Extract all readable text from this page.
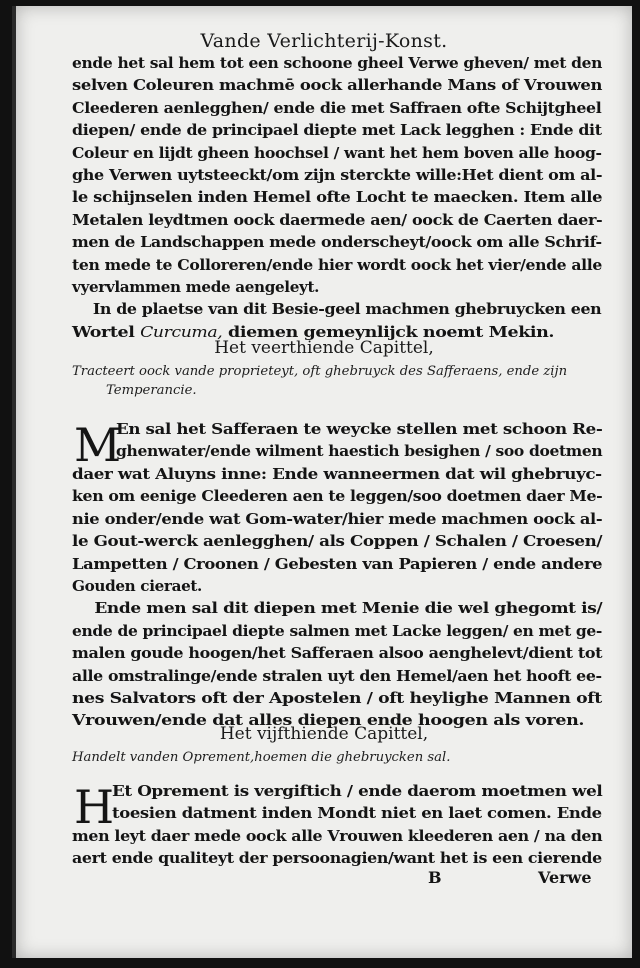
Vande Verlichterij-Konst.
ende het sal hem tot een schoone gheel Verwe gheven/ met den
selven Coleuren machmē oock allerhande Mans of Vrouwen
Cleederen aenlegghen/ ende die met Saffraen ofte Schijtgheel
diepen/ ende de principael diepte met Lack legghen : Ende dit
Coleur en lijdt gheen hoochsel / want het hem boven alle hoog-
ghe Verwen uytsteeckt/om zijn stercktе wille:Het dient om al-
le schijnselen inden Hemel ofte Locht te maecken. Item alle
Metalen leydtmen oock daermede aen/ oock de Caerten daer-
men de Landschappen mede onderscheyt/oock om alle Schrif-
ten mede te Colloreren/ende hier wordt oock het vier/ende alle
vyervlammen mede aengeleyt.
In de plaetse van dit Besie-geel machmen ghebruycken een
Wortel Curcuma, diemen gemeynlijck noemt Mekin.
Het veerthiende Capittel,
Tracteert oock vande proprieteyt, oft ghebruyck des Safferaens, ende zijn
Temperancie.
M
En sal het Safferaen te weycke stellen met schoon Re-
ghenwater/ende wilment haestich besighen / soo doetmen
daer wat Aluyns inne: Ende wanneermen dat wil ghebruyc-
ken om eenige Cleederen aen te leggen/soo doetmen daer Me-
nie onder/ende wat Gom-water/hier mede machmen oock al-
le Gout-werck aenlegghen/ als Coppen / Schalen / Croesen/
Lampetten / Croonen / Gebesten van Papieren / ende andere
Gouden cieraet.
Ende men sal dit diepen met Menie die wel ghegomt is/
ende de principael diepte salmen met Lacke leggen/ en met ge-
malen goude hoogen/het Safferaen alsoo aenghelevt/dient tot
alle omstralinge/ende stralen uyt den Hemel/aen het hooft ee-
nes Salvators oft der Apostelen / oft heylighe Mannen oft
Vrouwen/ende dat alles diepen ende hoogen als voren.
Het vijfthiende Capittel,
Handelt vanden Oprement,hoemen die ghebruycken sal.
H
Et Oprement is vergiftich / ende daerom moetmen wel
toesien datment inden Mondt niet en laet comen. Ende
men leyt daer mede oock alle Vrouwen kleederen aen / na den
aert ende qualiteyt der persoonagien/want het is een cierende
B	Verwe
